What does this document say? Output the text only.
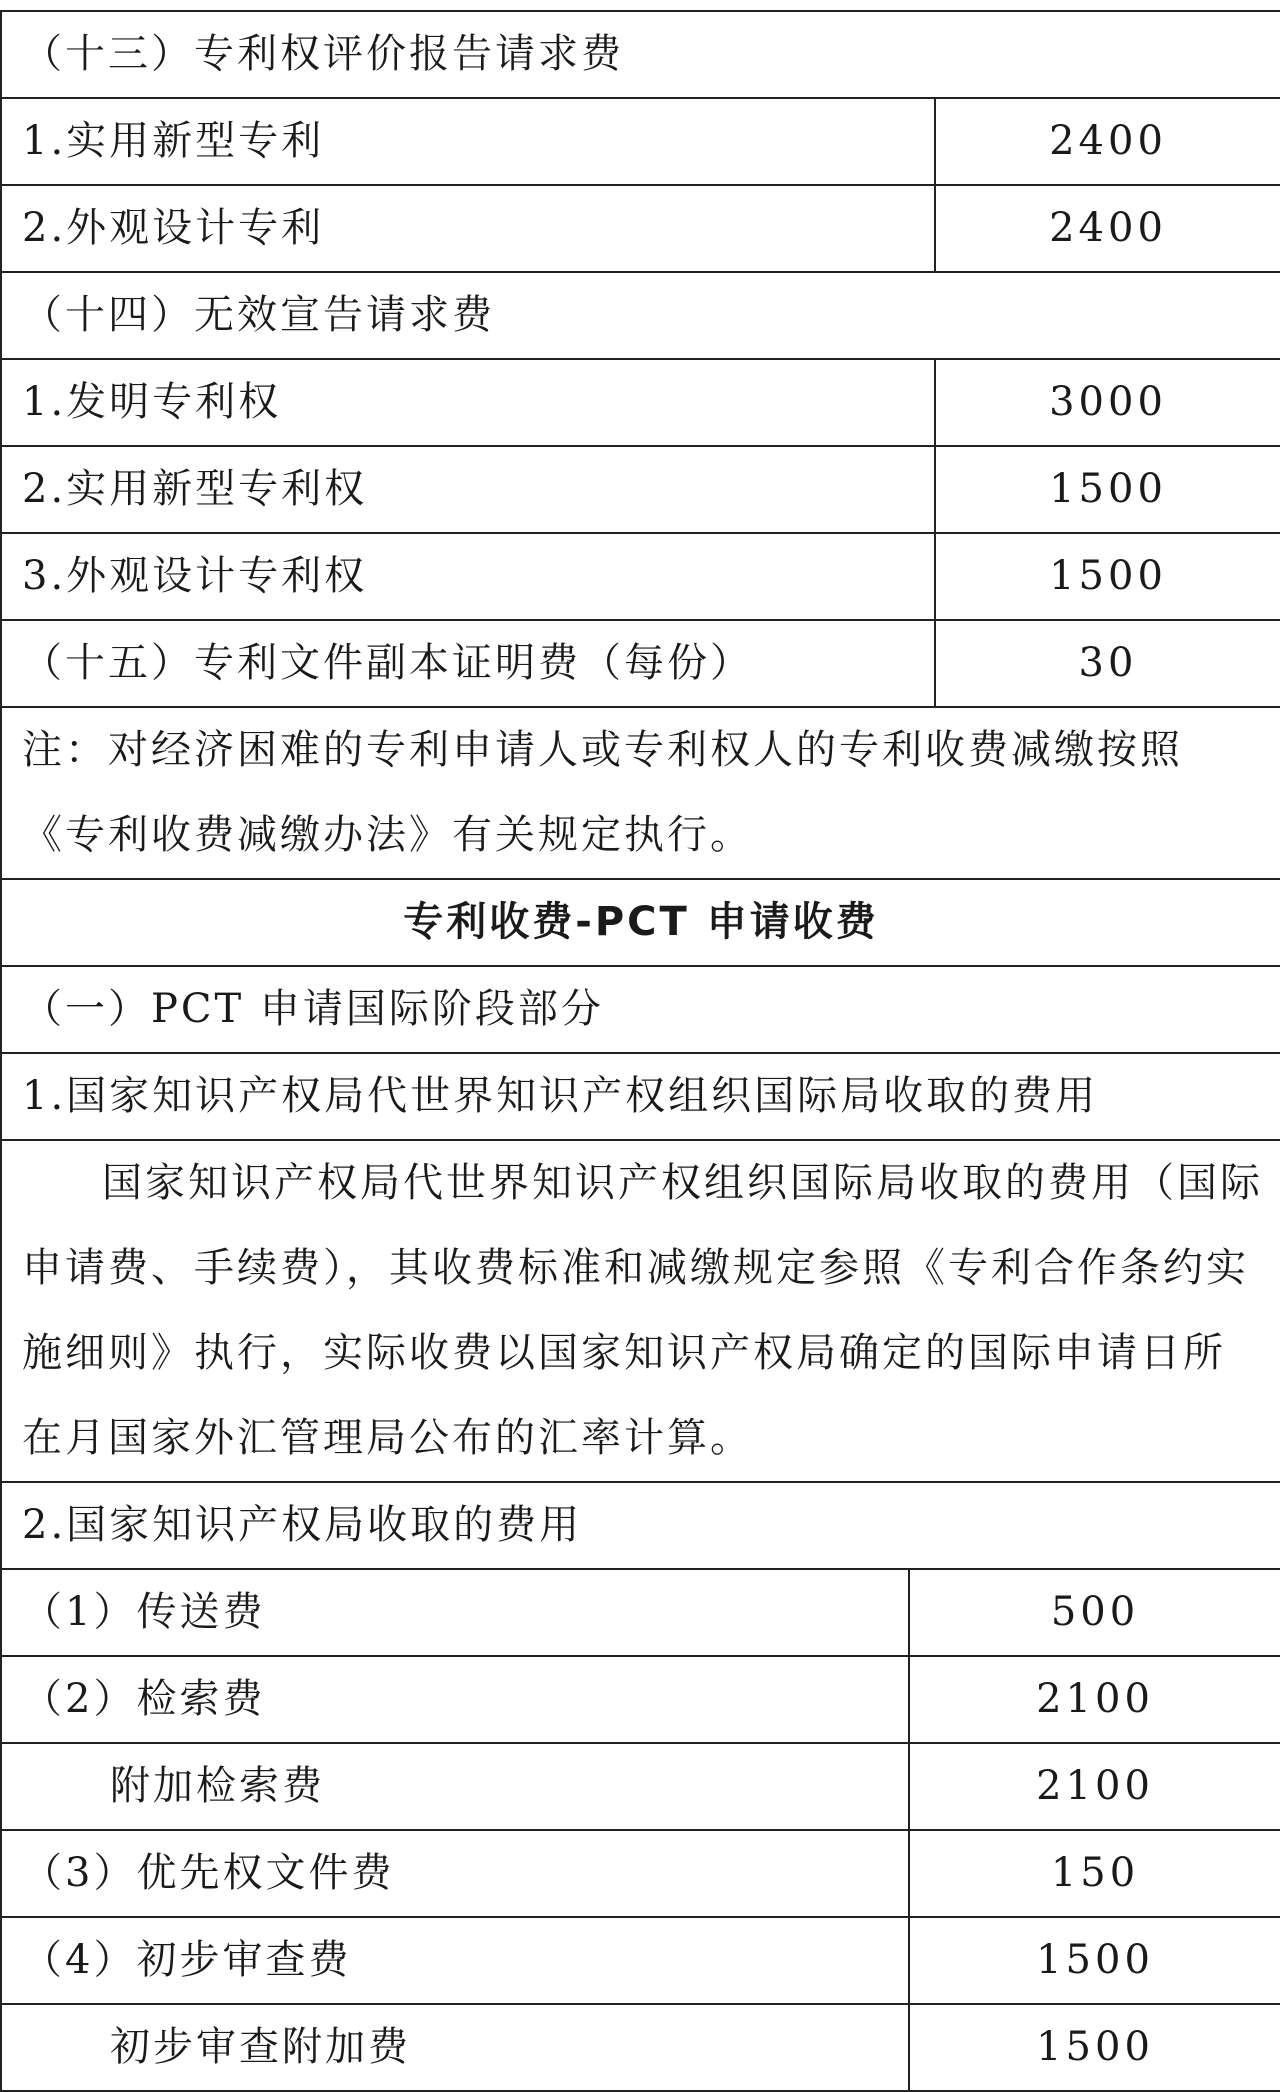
（十三）专利权评价报告请求费		
1.实用新型专利		2400
2.外观设计专利		2400
（十四）无效宣告请求费		
1.发明专利权		3000
2.实用新型专利权		1500
3.外观设计专利权		1500
（十五）专利文件副本证明费（每份）		30
注：对经济困难的专利申请人或专利权人的专利收费减缴按照《专利收费减缴办法》有关规定执行。		
专利收费-PCT 申请收费		
（一）PCT 申请国际阶段部分		
1.国家知识产权局代世界知识产权组织国际局收取的费用		
国家知识产权局代世界知识产权组织国际局收取的费用（国际申请费、手续费），其收费标准和减缴规定参照《专利合作条约实施细则》执行，实际收费以国家知识产权局确定的国际申请日所在月国家外汇管理局公布的汇率计算。		
2.国家知识产权局收取的费用		
（1）传送费	500	
（2）检索费	2100	
附加检索费	2100	
（3）优先权文件费	150	
（4）初步审查费	1500	
初步审查附加费	1500	
